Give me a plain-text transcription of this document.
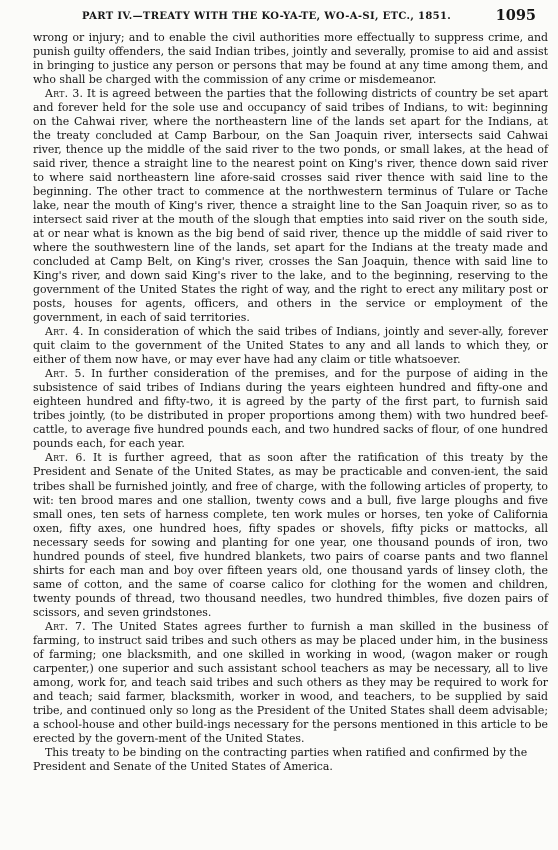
PART IV.—TREATY WITH THE KO-YA-TE, WO-A-SI, ETC., 1851.	1095

wrong or injury; and to enable the civil authorities more effectually to suppress crime, and punish guilty offenders, the said Indian tribes, jointly and severally, promise to aid and assist in bringing to justice any person or persons that may be found at any time among them, and who shall be charged with the commission of any crime or misdemeanor.

Art. 3. It is agreed between the parties that the following districts of country be set apart and forever held for the sole use and occupancy of said tribes of Indians, to wit: beginning on the Cahwai river, where the northeastern line of the lands set apart for the Indians, at the treaty concluded at Camp Barbour, on the San Joaquin river, intersects said Cahwai river, thence up the middle of the said river to the two ponds, or small lakes, at the head of said river, thence a straight line to the nearest point on King's river, thence down said river to where said northeastern line afore-said crosses said river thence with said line to the beginning. The other tract to commence at the northwestern terminus of Tulare or Tache lake, near the mouth of King's river, thence a straight line to the San Joaquin river, so as to intersect said river at the mouth of the slough that empties into said river on the south side, at or near what is known as the big bend of said river, thence up the middle of said river to where the southwestern line of the lands, set apart for the Indians at the treaty made and concluded at Camp Belt, on King's river, crosses the San Joaquin, thence with said line to King's river, and down said King's river to the lake, and to the beginning, reserving to the government of the United States the right of way, and the right to erect any military post or posts, houses for agents, officers, and others in the service or employment of the government, in each of said territories.

Art. 4. In consideration of which the said tribes of Indians, jointly and sever-ally, forever quit claim to the government of the United States to any and all lands to which they, or either of them now have, or may ever have had any claim or title whatsoever.

Art. 5. In further consideration of the premises, and for the purpose of aiding in the subsistence of said tribes of Indians during the years eighteen hundred and fifty-one and eighteen hundred and fifty-two, it is agreed by the party of the first part, to furnish said tribes jointly, (to be distributed in proper proportions among them) with two hundred beef-cattle, to average five hundred pounds each, and two hundred sacks of flour, of one hundred pounds each, for each year.

Art. 6. It is further agreed, that as soon after the ratification of this treaty by the President and Senate of the United States, as may be practicable and conven-ient, the said tribes shall be furnished jointly, and free of charge, with the following articles of property, to wit: ten brood mares and one stallion, twenty cows and a bull, five large ploughs and five small ones, ten sets of harness complete, ten work mules or horses, ten yoke of California oxen, fifty axes, one hundred hoes, fifty spades or shovels, fifty picks or mattocks, all necessary seeds for sowing and planting for one year, one thousand pounds of iron, two hundred pounds of steel, five hundred blankets, two pairs of coarse pants and two flannel shirts for each man and boy over fifteen years old, one thousand yards of linsey cloth, the same of cotton, and the same of coarse calico for clothing for the women and children, twenty pounds of thread, two thousand needles, two hundred thimbles, five dozen pairs of scissors, and seven grindstones.

Art. 7. The United States agrees further to furnish a man skilled in the business of farming, to instruct said tribes and such others as may be placed under him, in the business of farming; one blacksmith, and one skilled in working in wood, (wagon maker or rough carpenter,) one superior and such assistant school teachers as may be necessary, all to live among, work for, and teach said tribes and such others as they may be required to work for and teach; said farmer, blacksmith, worker in wood, and teachers, to be supplied by said tribe, and continued only so long as the President of the United States shall deem advisable; a school-house and other build-ings necessary for the persons mentioned in this article to be erected by the govern-ment of the United States.

This treaty to be binding on the contracting parties when ratified and confirmed by the President and Senate of the United States of America.
